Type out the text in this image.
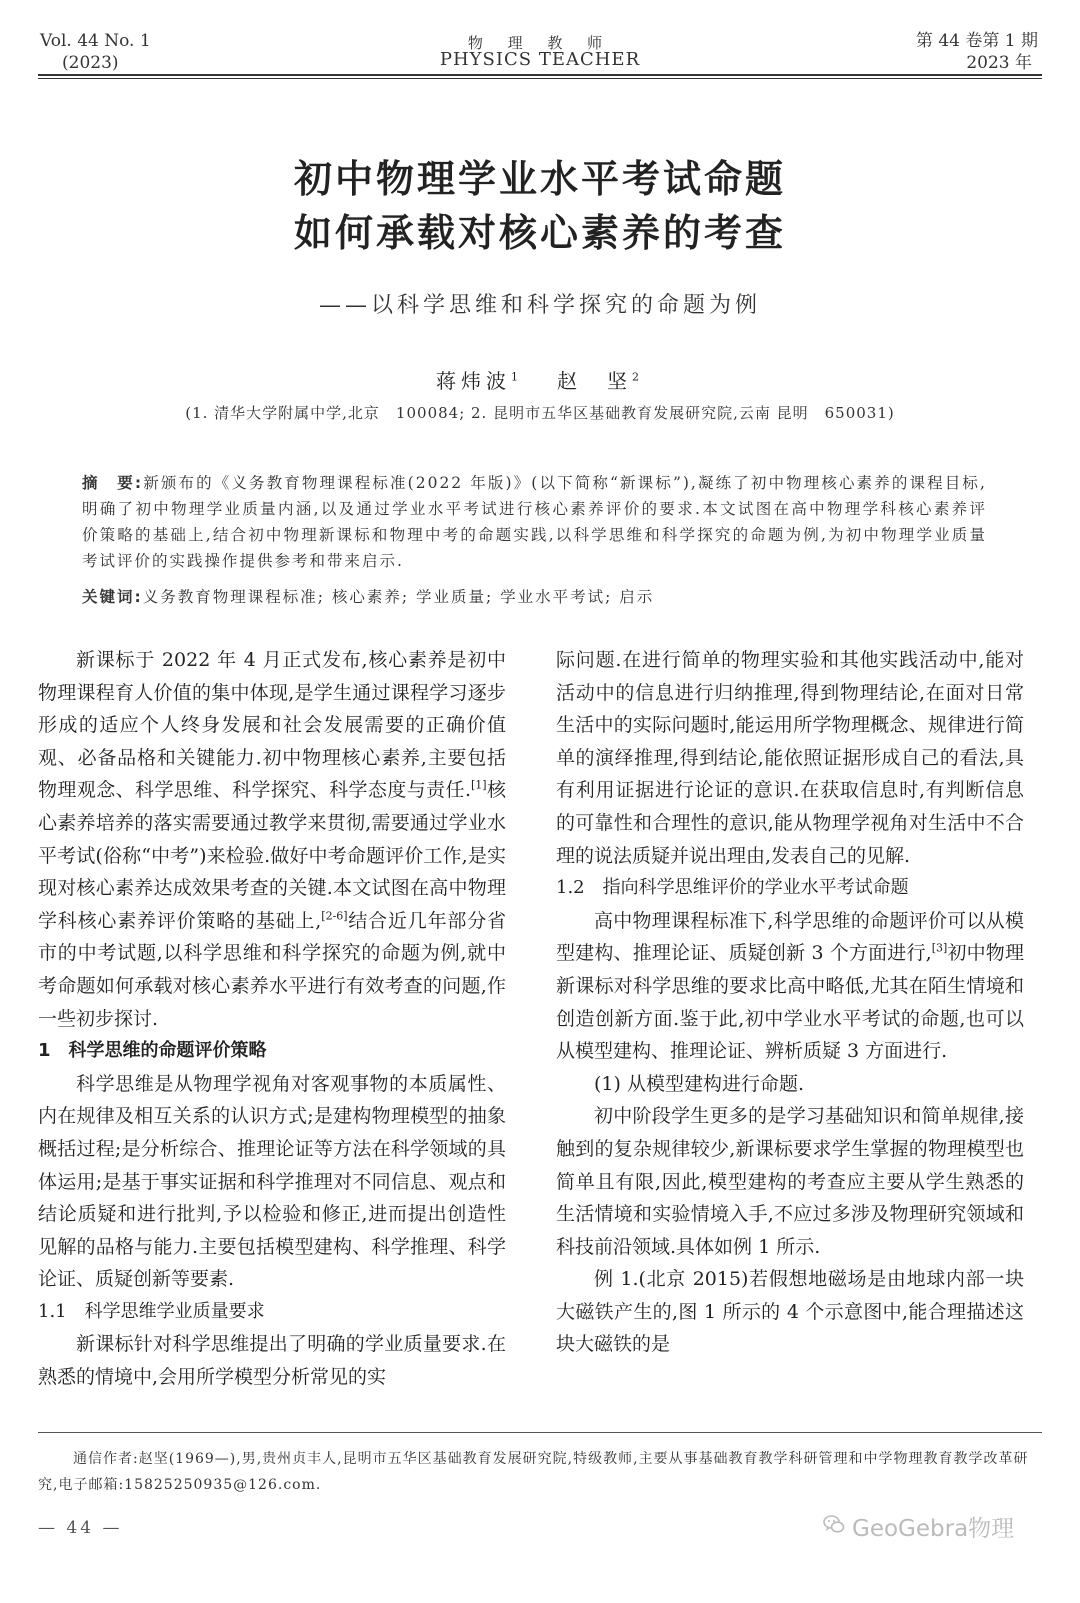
Vol. 44 No. 1
(2023)
物 理 教 师
PHYSICS TEACHER
第 44 卷第 1 期
2023 年
初中物理学业水平考试命题
如何承载对核心素养的考查
——以科学思维和科学探究的命题为例
蒋炜波$^1$ 赵　坚$^2$
(1. 清华大学附属中学,北京　100084; 2. 昆明市五华区基础教育发展研究院,云南 昆明　650031)
摘　要:新颁布的《义务教育物理课程标准(2022 年版)》(以下简称“新课标”),凝练了初中物理核心素养的课程目标,明确了初中物理学业质量内涵,以及通过学业水平考试进行核心素养评价的要求.本文试图在高中物理学科核心素养评价策略的基础上,结合初中物理新课标和物理中考的命题实践,以科学思维和科学探究的命题为例,为初中物理学业质量考试评价的实践操作提供参考和带来启示.
关键词:义务教育物理课程标准; 核心素养; 学业质量; 学业水平考试; 启示

新课标于 2022 年 4 月正式发布,核心素养是初中物理课程育人价值的集中体现,是学生通过课程学习逐步形成的适应个人终身发展和社会发展需要的正确价值观、必备品格和关键能力.初中物理核心素养,主要包括物理观念、科学思维、科学探究、科学态度与责任.[1]核心素养培养的落实需要通过教学来贯彻,需要通过学业水平考试(俗称“中考”)来检验.做好中考命题评价工作,是实现对核心素养达成效果考查的关键.本文试图在高中物理学科核心素养评价策略的基础上,[2-6]结合近几年部分省市的中考试题,以科学思维和科学探究的命题为例,就中考命题如何承载对核心素养水平进行有效考查的问题,作一些初步探讨.

1　科学思维的命题评价策略

科学思维是从物理学视角对客观事物的本质属性、内在规律及相互关系的认识方式;是建构物理模型的抽象概括过程;是分析综合、推理论证等方法在科学领域的具体运用;是基于事实证据和科学推理对不同信息、观点和结论质疑和进行批判,予以检验和修正,进而提出创造性见解的品格与能力.主要包括模型建构、科学推理、科学论证、质疑创新等要素.

1.1　科学思维学业质量要求

新课标针对科学思维提出了明确的学业质量要求.在熟悉的情境中,会用所学模型分析常见的实

际问题.在进行简单的物理实验和其他实践活动中,能对活动中的信息进行归纳推理,得到物理结论,在面对日常生活中的实际问题时,能运用所学物理概念、规律进行简单的演绎推理,得到结论,能依照证据形成自己的看法,具有利用证据进行论证的意识.在获取信息时,有判断信息的可靠性和合理性的意识,能从物理学视角对生活中不合理的说法质疑并说出理由,发表自己的见解.

1.2　指向科学思维评价的学业水平考试命题

高中物理课程标准下,科学思维的命题评价可以从模型建构、推理论证、质疑创新 3 个方面进行,[3]初中物理新课标对科学思维的要求比高中略低,尤其在陌生情境和创造创新方面.鉴于此,初中学业水平考试的命题,也可以从模型建构、推理论证、辨析质疑 3 方面进行.

(1) 从模型建构进行命题.

初中阶段学生更多的是学习基础知识和简单规律,接触到的复杂规律较少,新课标要求学生掌握的物理模型也简单且有限,因此,模型建构的考查应主要从学生熟悉的生活情境和实验情境入手,不应过多涉及物理研究领域和科技前沿领域.具体如例 1 所示.

例 1.(北京 2015)若假想地磁场是由地球内部一块大磁铁产生的,图 1 所示的 4 个示意图中,能合理描述这块大磁铁的是

通信作者:赵坚(1969—),男,贵州贞丰人,昆明市五华区基础教育发展研究院,特级教师,主要从事基础教育教学科研管理和中学物理教育教学改革研究,电子邮箱:15825250935@126.com.
— 44 —	GeoGebra物理
